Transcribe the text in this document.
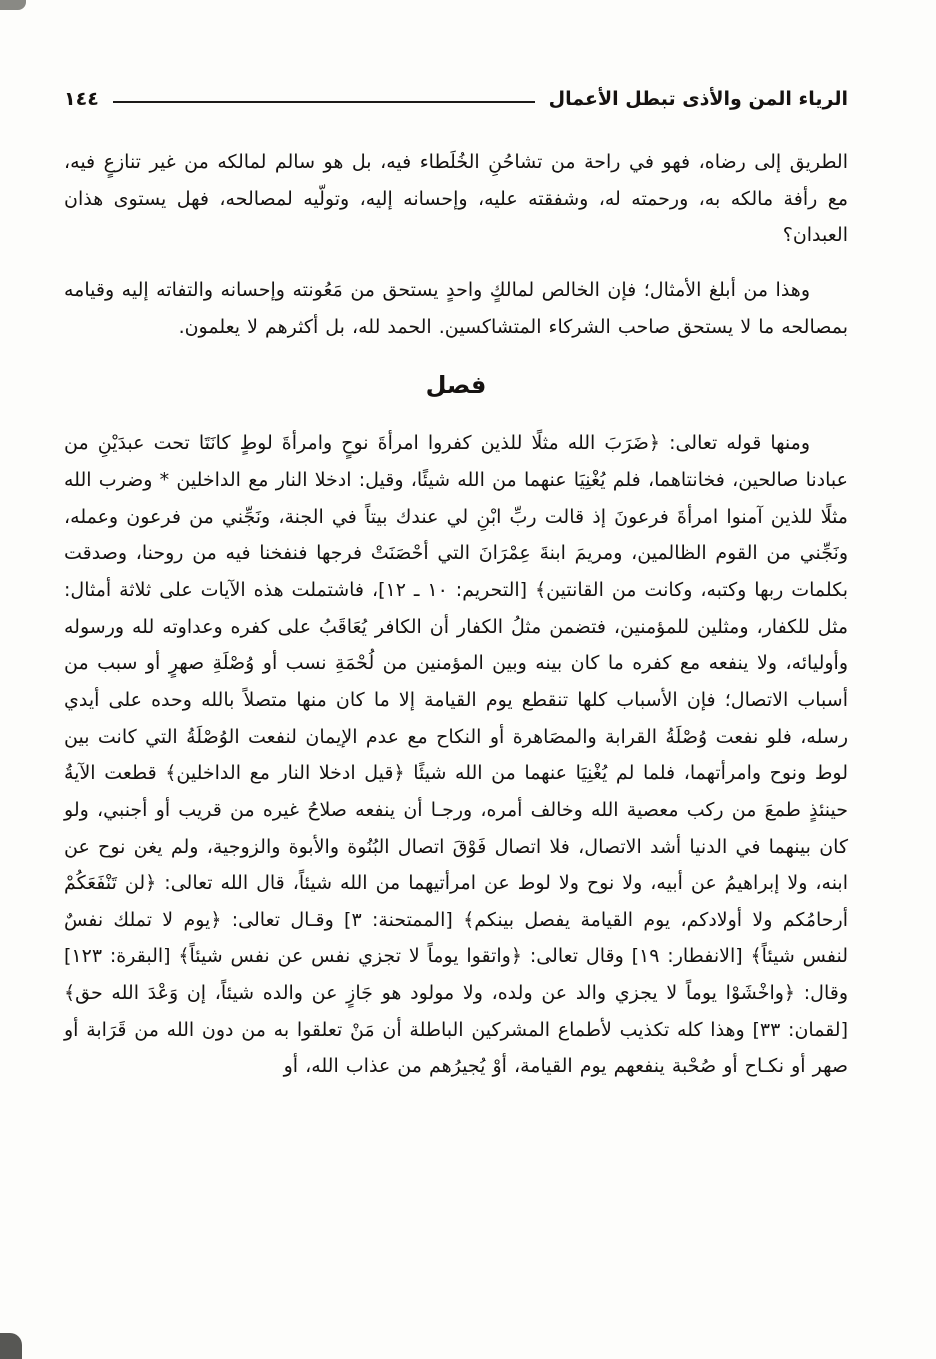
الرياء المن والأذى تبطل الأعمال
١٤٤

الطريق إلى رضاه، فهو في راحة من تشاحُنِ الخُلَطاء فيه، بل هو سالم لمالكه من غير تنازعٍ فيه، مع رأفة مالكه به، ورحمته له، وشفقته عليه، وإحسانه إليه، وتولّيه لمصالحه، فهل يستوى هذان العبدان؟

وهذا من أبلغ الأمثال؛ فإن الخالص لمالكٍ واحدٍ يستحق من مَعُونته وإحسانه والتفاته إليه وقيامه بمصالحه ما لا يستحق صاحب الشركاء المتشاكسين. الحمد لله، بل أكثرهم لا يعلمون.

فصل

ومنها قوله تعالى: ﴿ضَرَبَ الله مثلًا للذين كفروا امرأةَ نوحٍ وامرأةَ لوطٍ كانَتَا تحت عبدَيْنِ من عبادنا صالحين، فخانتاهما، فلم يُغْنِيَا عنهما من الله شيئًا، وقيل: ادخلا النار مع الداخلين * وضرب الله مثلًا للذين آمنوا امرأةَ فرعونَ إذ قالت ربِّ ابْنِ لي عندك بيتاً في الجنة، ونَجِّني من فرعون وعمله، ونَجِّني من القوم الظالمين، ومريمَ ابنةَ عِمْرَانَ التي أحْصَنَتْ فرجها فنفخنا فيه من روحنا، وصدقت بكلمات ربها وكتبه، وكانت من القانتين﴾ [التحريم: ١٠ ـ ١٢]، فاشتملت هذه الآيات على ثلاثة أمثال: مثل للكفار، ومثلين للمؤمنين، فتضمن مثلُ الكفار أن الكافر يُعَاقَبُ على كفره وعداوته لله ورسوله وأوليائه، ولا ينفعه مع كفره ما كان بينه وبين المؤمنين من لُحْمَةِ نسب أو وُصْلَةِ صهرٍ أو سبب من أسباب الاتصال؛ فإن الأسباب كلها تنقطع يوم القيامة إلا ما كان منها متصلاً بالله وحده على أيدي رسله، فلو نفعت وُصْلَةُ القرابة والمصَاهرة أو النكاح مع عدم الإيمان لنفعت الوُصْلَةُ التي كانت بين لوط ونوح وامرأتهما، فلما لم يُغْنِيَا عنهما من الله شيئًا ﴿قيل ادخلا النار مع الداخلين﴾ قطعت الآيةُ حينئذٍ طمعَ من ركب معصية الله وخالف أمره، ورجـا أن ينفعه صلاحُ غيره من قريب أو أجنبي، ولو كان بينهما في الدنيا أشد الاتصال، فلا اتصال فَوْقَ اتصال البُنُوة والأبوة والزوجية، ولم يغن نوح عن ابنه، ولا إبراهيمُ عن أبيه، ولا نوح ولا لوط عن امرأتيهما من الله شيئاً، قال الله تعالى: ﴿لن تَنْفَعَكُمْ أرحامُكم ولا أولادكم، يوم القيامة يفصل بينكم﴾ [الممتحنة: ٣] وقـال تعالى: ﴿يوم لا تملك نفسٌ لنفس شيئاً﴾ [الانفطار: ١٩] وقال تعالى: ﴿واتقوا يوماً لا تجزي نفس عن نفس شيئاً﴾ [البقرة: ١٢٣] وقال: ﴿واخْشَوْا يوماً لا يجزي والد عن ولده، ولا مولود هو جَازٍ عن والده شيئاً، إن وَعْدَ الله حق﴾ [لقمان: ٣٣] وهذا كله تكذيب لأطماع المشركين الباطلة أن مَنْ تعلقوا به من دون الله من قَرَابة أو صهر أو نكـاح أو صُحْبة ينفعهم يوم القيامة، أوْ يُجيرُهم من عذاب الله، أو
